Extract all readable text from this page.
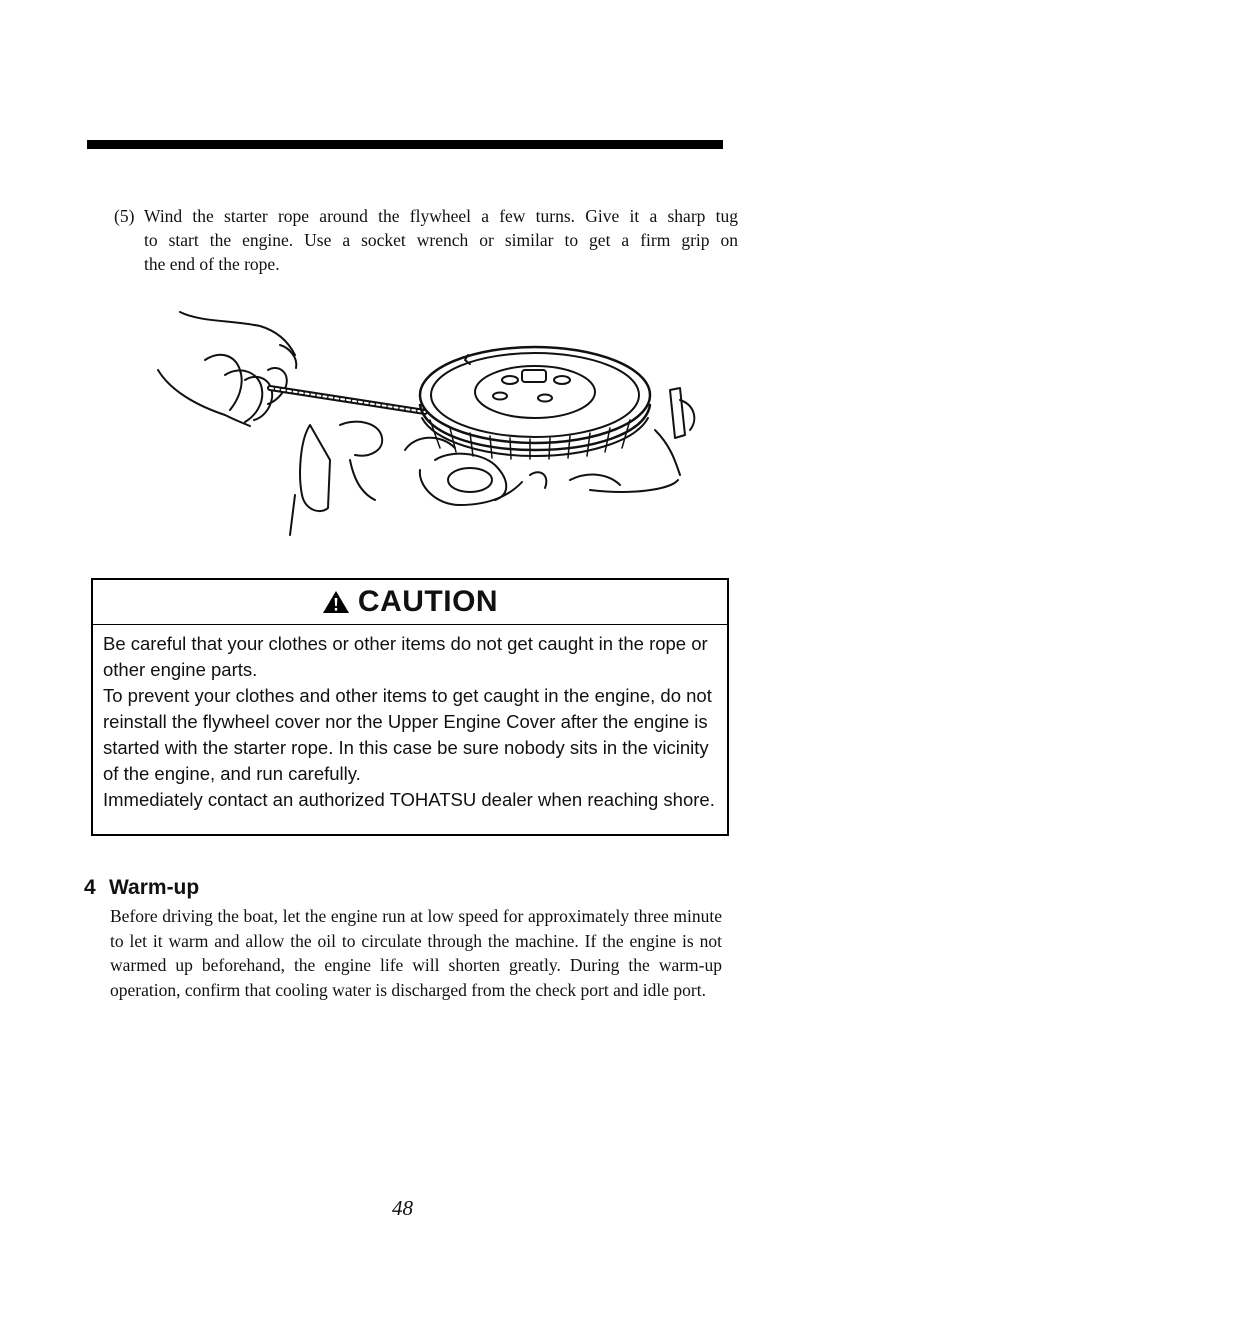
(5) Wind the starter rope around the flywheel a few turns. Give it a sharp tug
to start the engine. Use a socket wrench or similar to get a firm grip on
the end of the rope.
CAUTION

Be careful that your clothes or other items do not get caught in the rope or other engine parts.

To prevent your clothes and other items to get caught in the engine, do not reinstall the flywheel cover nor the Upper Engine Cover after the engine is started with the starter rope. In this case be sure nobody sits in the vicinity of the engine, and run carefully.

Immediately contact an authorized TOHATSU dealer when reaching shore.

4 Warm-up

Before driving the boat, let the engine run at low speed for approximately three minute to let it warm and allow the oil to circulate through the machine. If the engine is not warmed up beforehand, the engine life will shorten greatly. During the warm-up operation, confirm that cooling water is discharged from the check port and idle port.

48
